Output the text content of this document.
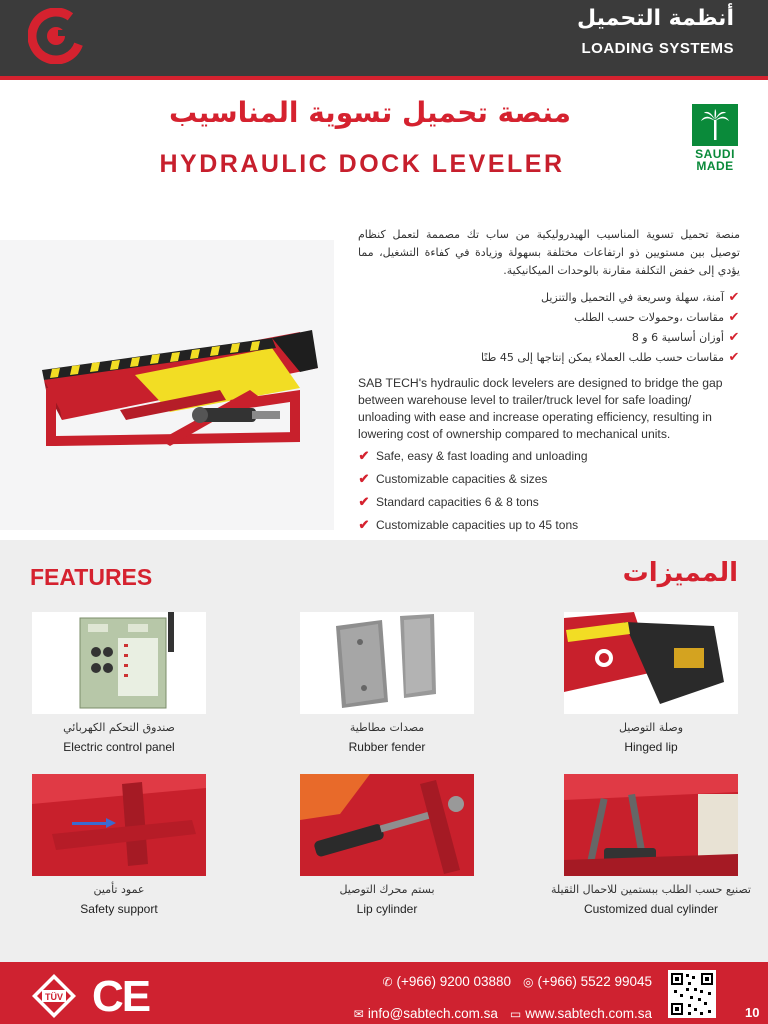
أنظمة التحميل
LOADING SYSTEMS
منصة تحميل تسوية المناسيب
HYDRAULIC DOCK LEVELER	SAUDI
MADE
منصة تحميل تسوية المناسيب الهيدروليكية من ساب تك مصممة لتعمل كنظام توصيل بين مستويين ذو ارتفاعات مختلفة بسهولة وزيادة في كفاءة التشغيل، مما يؤدي إلى خفض التكلفة مقارنة بالوحدات الميكانيكية.
✔
آمنة، سهلة وسريعة في التحميل والتنزيل
✔
مقاسات ،وحمولات حسب الطلب
✔
أوزان أساسية 6 و 8
✔
مقاسات حسب طلب العملاء يمكن إنتاجها إلى 45 طنًا
SAB TECH's hydraulic dock levelers are designed to bridge the gap between warehouse level to trailer/truck level for safe loading/ unloading with ease and increase operating efficiency, resulting in lowering cost of ownership compared to mechanical units.
✔ Safe, easy & fast loading and unloading
✔ Customizable capacities & sizes
✔ Standard capacities 6 & 8 tons
✔ Customizable capacities up to 45 tons
FEATURES	المميزات
صندوق التحكم الكهربائي
Electric control panel
مصدات مطاطية
Rubber fender
وصلة التوصيل
Hinged lip
عمود تأمين
Safety support
بستم محرك التوصيل
Lip cylinder
تصنيع حسب الطلب ببستمين للاحمال الثقيلة
Customized dual cylinder
TÜV CE	✆ (+966) 9200 03880 ◎ (+966) 5522 99045
✉ info@sabtech.com.sa ▭ www.sabtech.com.sa	10
